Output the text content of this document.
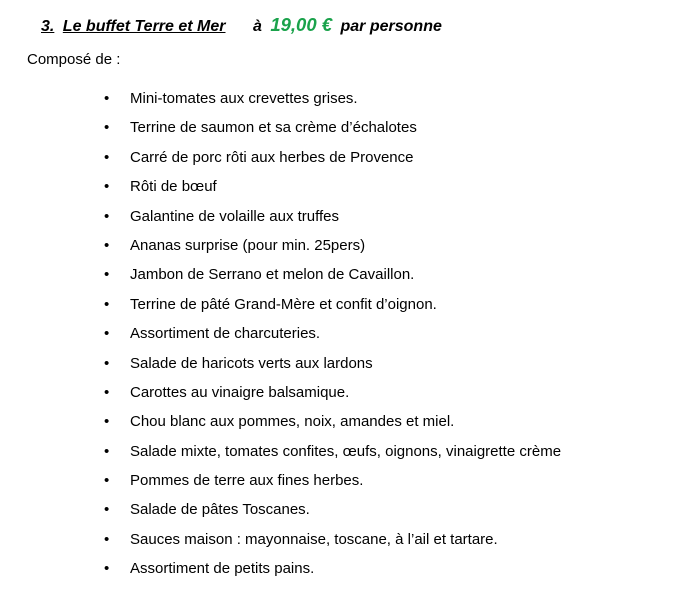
3. Le buffet Terre et Mer à 19,00 € par personne
Composé de :
• Mini-tomates aux crevettes grises.
• Terrine de saumon et sa crème d’échalotes
• Carré de porc rôti aux herbes de Provence
• Rôti de bœuf
• Galantine de volaille aux truffes
• Ananas surprise (pour min. 25pers)
• Jambon de Serrano et melon de Cavaillon.
• Terrine de pâté Grand-Mère et confit d’oignon.
• Assortiment de charcuteries.
• Salade de haricots verts aux lardons
• Carottes au vinaigre balsamique.
• Chou blanc aux pommes, noix, amandes et miel.
• Salade mixte, tomates confites, œufs, oignons, vinaigrette crème
• Pommes de terre aux fines herbes.
• Salade de pâtes Toscanes.
• Sauces maison : mayonnaise, toscane, à l’ail et tartare.
• Assortiment de petits pains.
